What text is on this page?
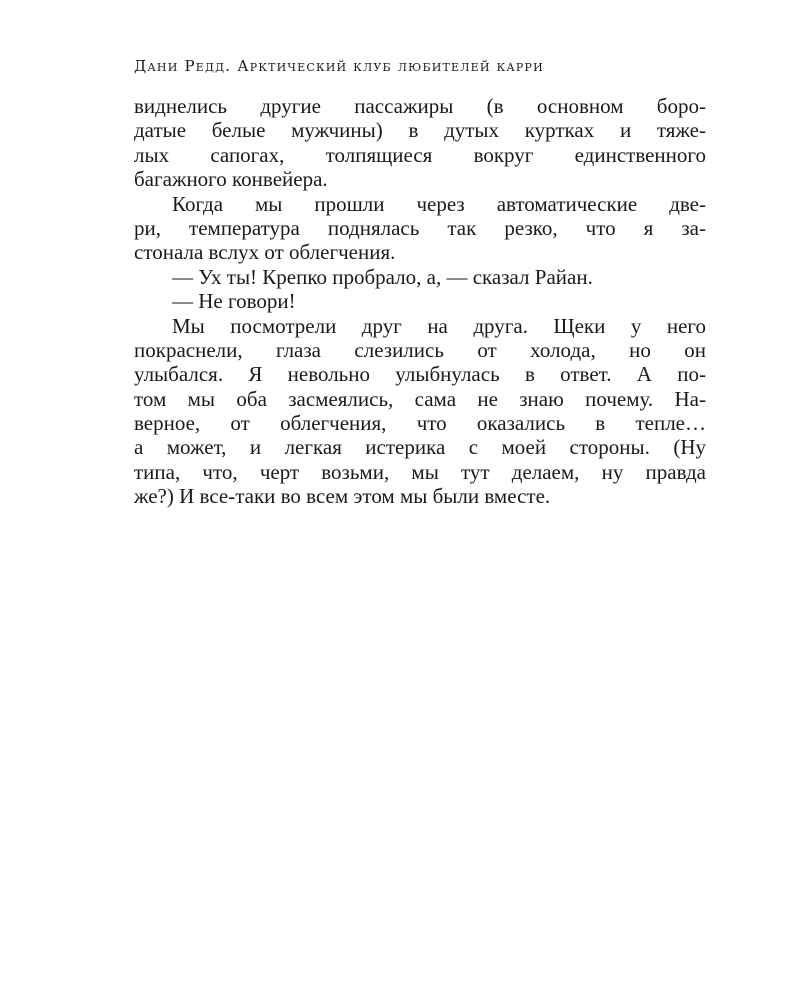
Дани Редд. Арктический клуб любителей карри
виднелись другие пассажиры (в основном боро-
датые белые мужчины) в дутых куртках и тяже-
лых сапогах, толпящиеся вокруг единственного
багажного конвейера.
Когда мы прошли через автоматические две-
ри, температура поднялась так резко, что я за-
стонала вслух от облегчения.
— Ух ты! Крепко пробрало, а, — сказал Райан.
— Не говори!
Мы посмотрели друг на друга. Щеки у него
покраснели, глаза слезились от холода, но он
улыбался. Я невольно улыбнулась в ответ. А по-
том мы оба засмеялись, сама не знаю почему. На-
верное, от облегчения, что оказались в тепле…
а может, и легкая истерика с моей стороны. (Ну
типа, что, черт возьми, мы тут делаем, ну правда
же?) И все-таки во всем этом мы были вместе.
